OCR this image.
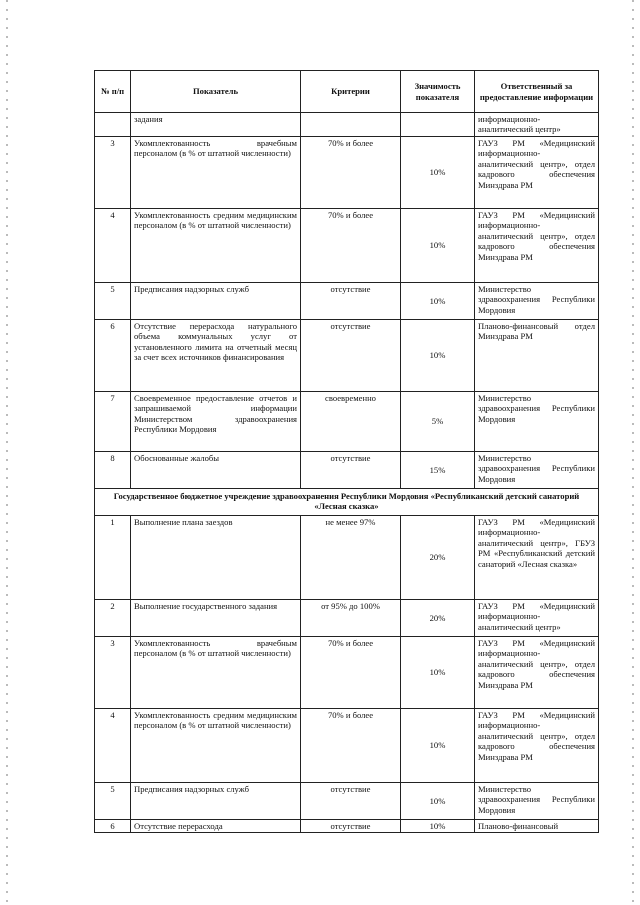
№ п/п	Показатель	Критерии	Значимость показателя	Ответственный за предоставление информации
	задания			информационно-аналитический центр»
3	Укомплектованность врачебным персоналом (в % от штатной численности)	70% и более	10%	ГАУЗ РМ «Медицинский информационно-аналитический центр», отдел кадрового обеспечения Минздрава РМ
4	Укомплектованность средним медицинским персоналом (в % от штатной численности)	70% и более	10%	ГАУЗ РМ «Медицинский информационно-аналитический центр», отдел кадрового обеспечения Минздрава РМ
5	Предписания надзорных служб	отсутствие	10%	Министерство здравоохранения Республики Мордовия
6	Отсутствие перерасхода натурального объема коммунальных услуг от установленного лимита на отчетный месяц за счет всех источников финансирования	отсутствие	10%	Планово-финансовый отдел Минздрава РМ
7	Своевременное предоставление отчетов и запрашиваемой информации Министерством здравоохранения Республики Мордовия	своевременно	5%	Министерство здравоохранения Республики Мордовия
8	Обоснованные жалобы	отсутствие	15%	Министерство здравоохранения Республики Мордовия
Государственное бюджетное учреждение здравоохранения Республики Мордовия «Республиканский детский санаторий «Лесная сказка»				
1	Выполнение плана заездов	не менее 97%	20%	ГАУЗ РМ «Медицинский информационно-аналитический центр», ГБУЗ РМ «Республиканский детский санаторий «Лесная сказка»
2	Выполнение государственного задания	от 95% до 100%	20%	ГАУЗ РМ «Медицинский информационно-аналитический центр»
3	Укомплектованность врачебным персоналом (в % от штатной численности)	70% и более	10%	ГАУЗ РМ «Медицинский информационно-аналитический центр», отдел кадрового обеспечения Минздрава РМ
4	Укомплектованность средним медицинским персоналом (в % от штатной численности)	70% и более	10%	ГАУЗ РМ «Медицинский информационно-аналитический центр», отдел кадрового обеспечения Минздрава РМ
5	Предписания надзорных служб	отсутствие	10%	Министерство здравоохранения Республики Мордовия
6	Отсутствие перерасхода	отсутствие	10%	Планово-финансовый
